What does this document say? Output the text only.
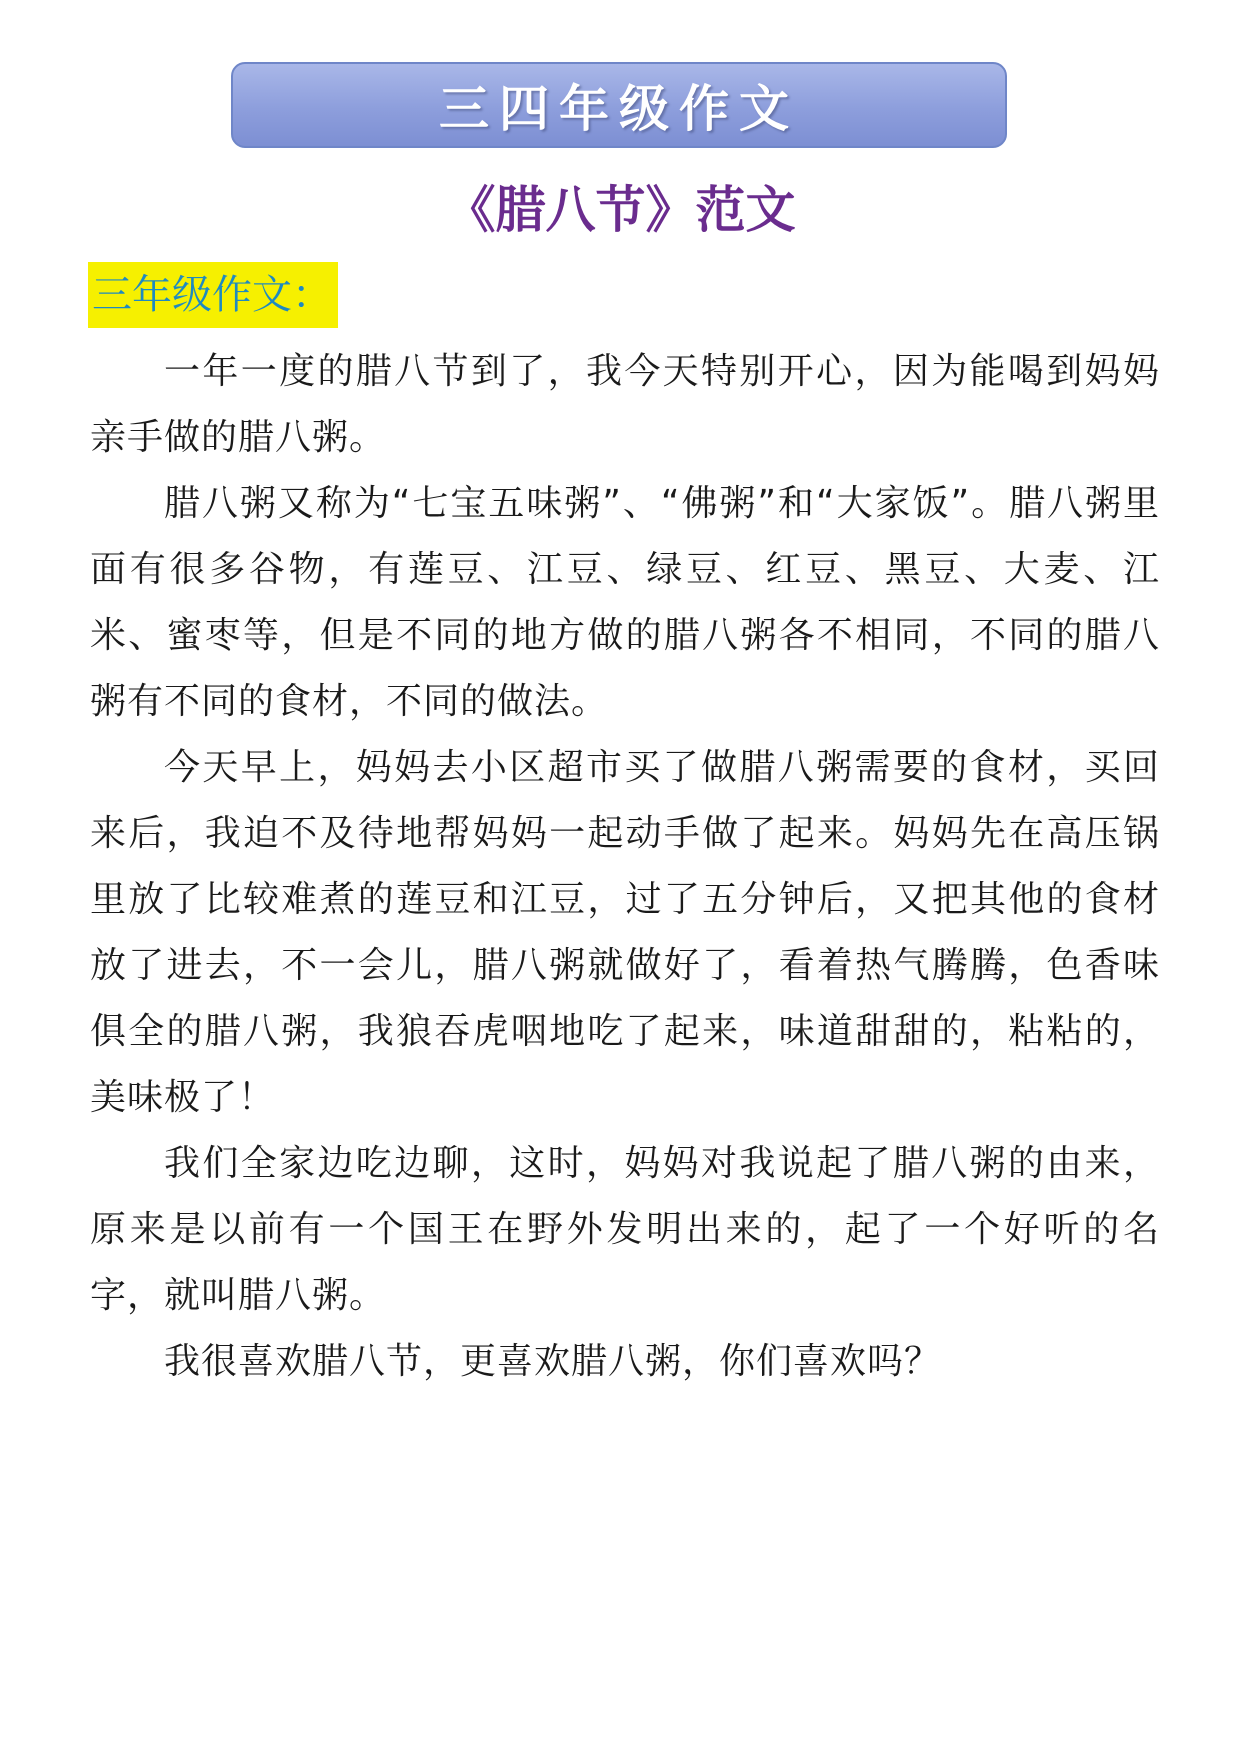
三四年级作文
《腊八节》范文
三年级作文：

一年一度的腊八节到了，我今天特别开心，因为能喝到妈妈亲手做的腊八粥。

腊八粥又称为“七宝五味粥”、“佛粥”和“大家饭”。腊八粥里面有很多谷物，有莲豆、江豆、绿豆、红豆、黑豆、大麦、江米、蜜枣等，但是不同的地方做的腊八粥各不相同，不同的腊八粥有不同的食材，不同的做法。

今天早上，妈妈去小区超市买了做腊八粥需要的食材，买回来后，我迫不及待地帮妈妈一起动手做了起来。妈妈先在高压锅里放了比较难煮的莲豆和江豆，过了五分钟后，又把其他的食材放了进去，不一会儿，腊八粥就做好了，看着热气腾腾，色香味俱全的腊八粥，我狼吞虎咽地吃了起来，味道甜甜的，粘粘的，美味极了！

我们全家边吃边聊，这时，妈妈对我说起了腊八粥的由来，原来是以前有一个国王在野外发明出来的，起了一个好听的名字，就叫腊八粥。

我很喜欢腊八节，更喜欢腊八粥，你们喜欢吗？
